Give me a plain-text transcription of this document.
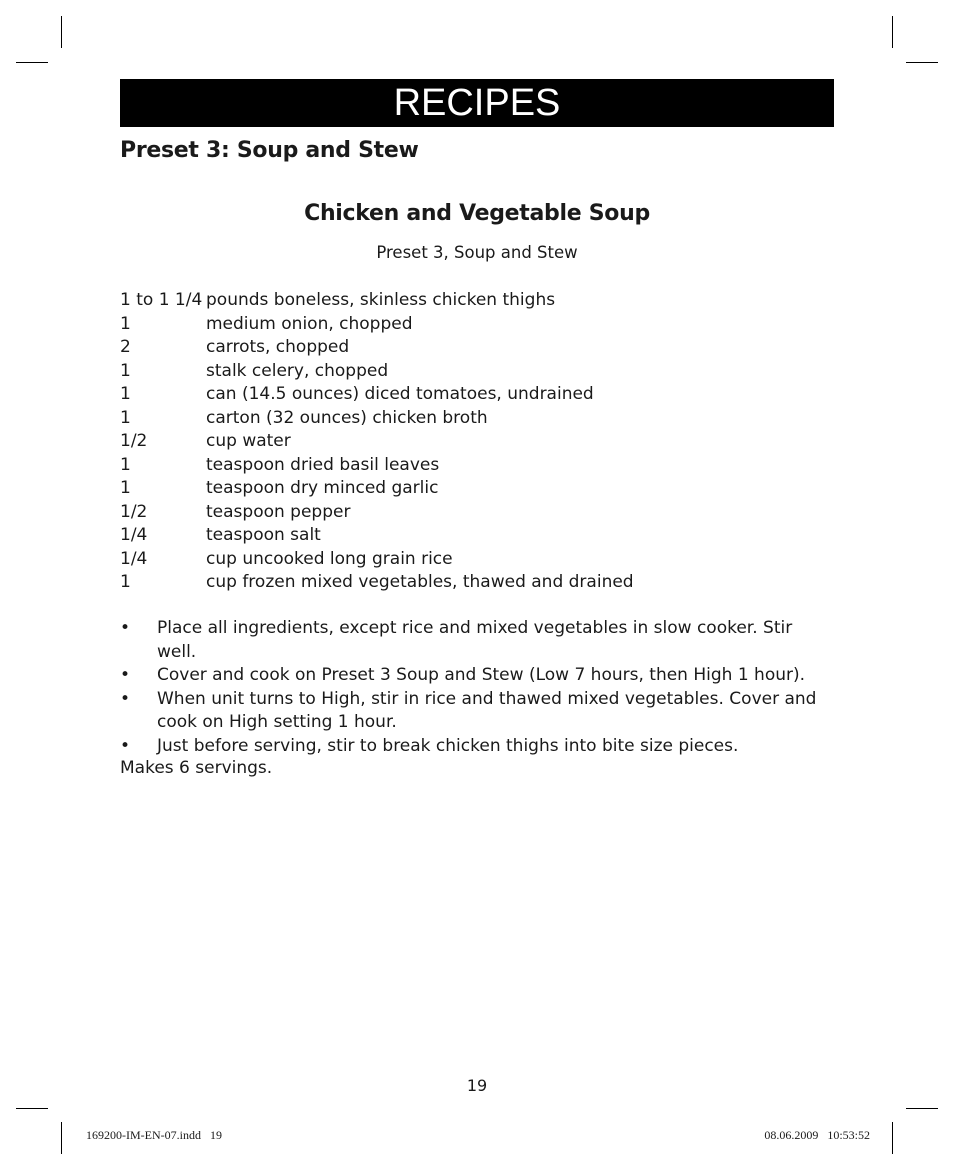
RECIPES
Preset 3: Soup and Stew
Chicken and Vegetable Soup
Preset 3, Soup and Stew
1 to 1 1/4 pounds boneless, skinless chicken thighs
1	medium onion, chopped
2	carrots, chopped
1	stalk celery, chopped
1	can (14.5 ounces) diced tomatoes, undrained
1	carton (32 ounces) chicken broth
1/2	cup water
1	teaspoon dried basil leaves
1	teaspoon dry minced garlic
1/2	teaspoon pepper
1/4	teaspoon salt
1/4	cup uncooked long grain rice
1	cup frozen mixed vegetables, thawed and drained
•	Place all ingredients, except rice and mixed vegetables in slow cooker. Stir well.
•	Cover and cook on Preset 3 Soup and Stew (Low 7 hours, then High 1 hour).
•	When unit turns to High, stir in rice and thawed mixed vegetables. Cover and cook on High setting 1 hour.
•	Just before serving, stir to break chicken thighs into bite size pieces.
Makes 6 servings.
19
169200-IM-EN-07.indd   19	08.06.2009   10:53:52
